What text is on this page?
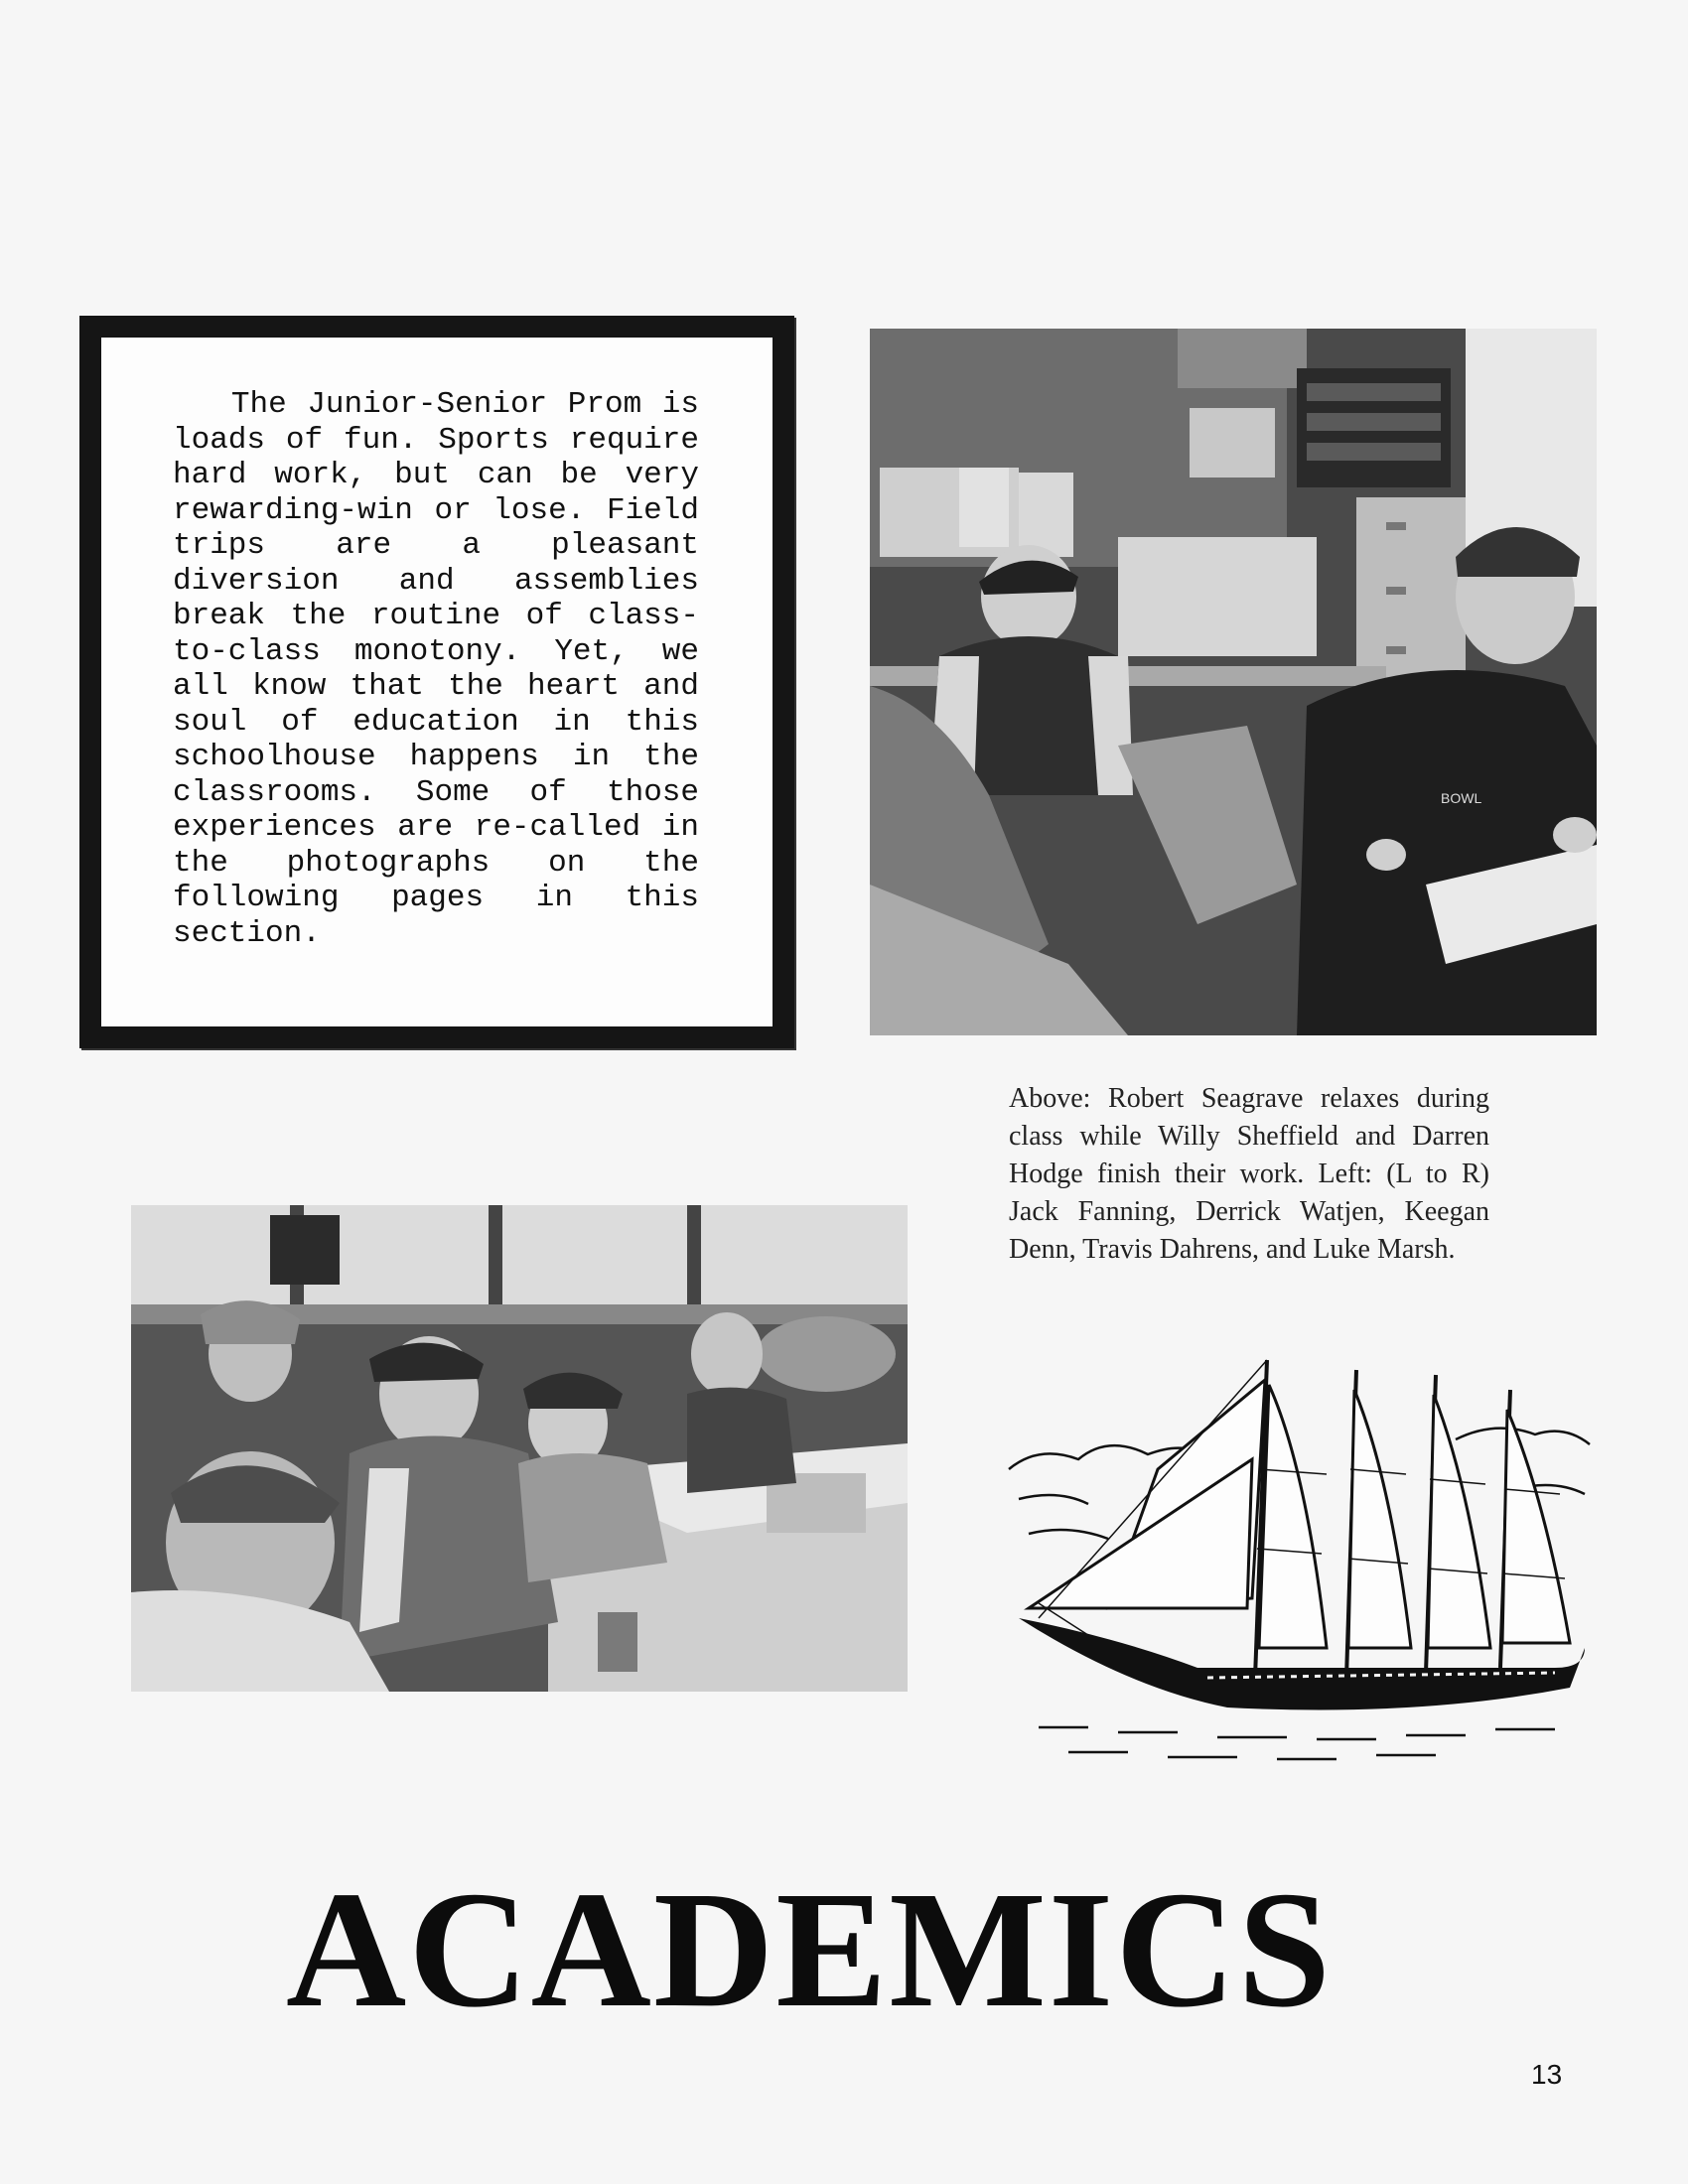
The Junior-Senior Prom is loads of fun. Sports require hard work, but can be very rewarding-win or lose. Field trips are a pleasant diversion and assemblies break the routine of class-to-class monotony. Yet, we all know that the heart and soul of education in this schoolhouse happens in the classrooms. Some of those experiences are re-called in the photographs on the following pages in this section.

BOWL

Above: Robert Seagrave relaxes during class while Willy Sheffield and Darren Hodge finish their work. Left: (L to R) Jack Fanning, Derrick Watjen, Keegan Denn, Travis Dahrens, and Luke Marsh.

ACADEMICS
13
